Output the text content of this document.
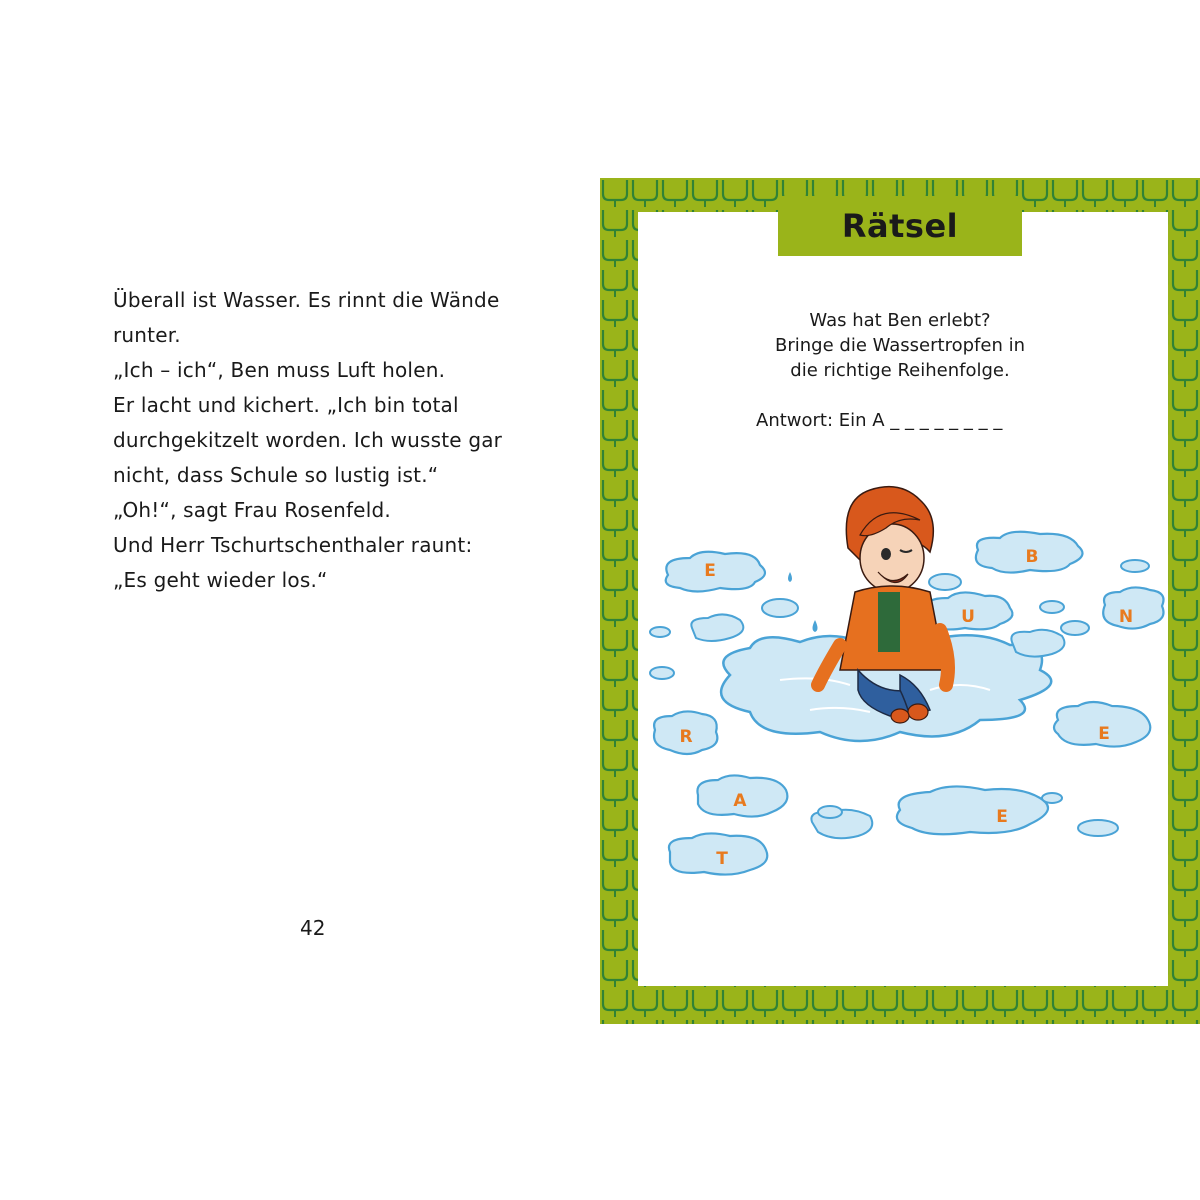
Überall ist Wasser. Es rinnt die Wände
runter.
„Ich – ich“, Ben muss Luft holen.
Er lacht und kichert. „Ich bin total
durchgekitzelt worden. Ich wusste gar
nicht, dass Schule so lustig ist.“
„Oh!“, sagt Frau Rosenfeld.
Und Herr Tschurtschenthaler raunt:
„Es geht wieder los.“
42
Rätsel
Was hat Ben erlebt?
Bringe die Wassertropfen in
die richtige Reihenfolge.
Antwort: Ein A _ _ _ _ _ _ _ _
E
B
U	N
R	E
A
E
T
